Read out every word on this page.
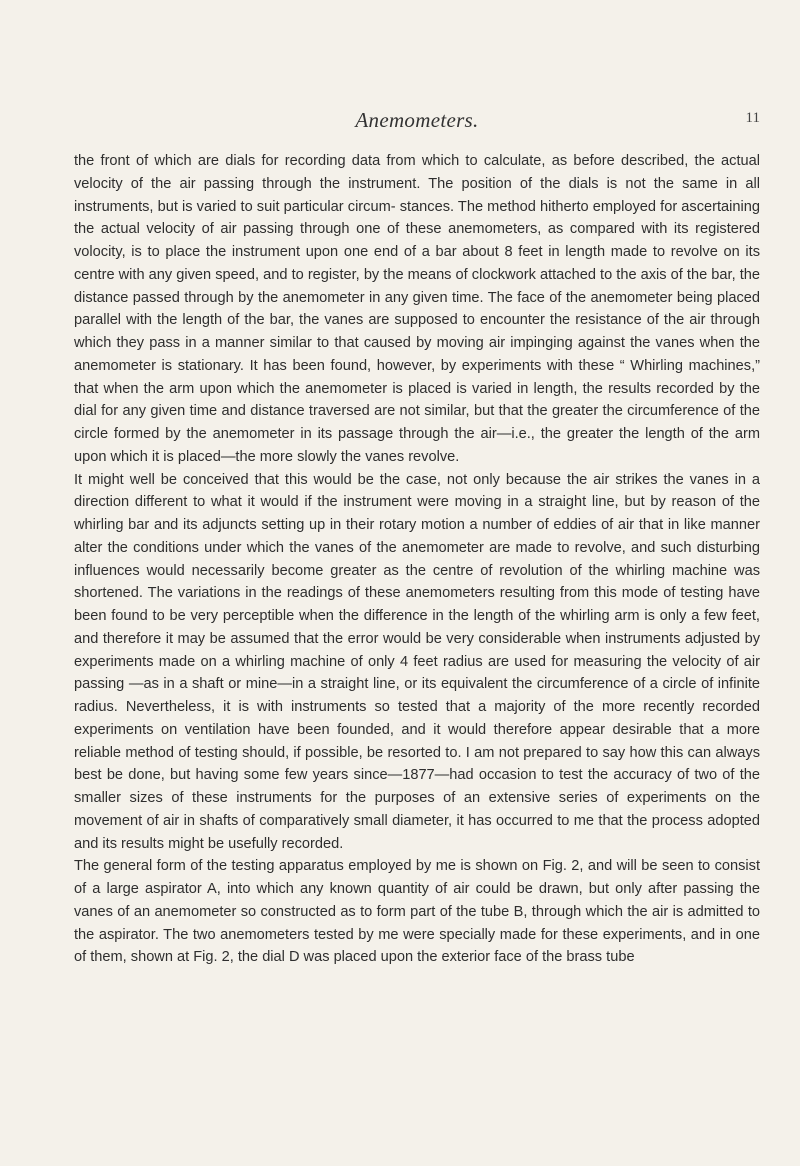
Anemometers.	11

the front of which are dials for recording data from which to calculate, as before described, the actual velocity of the air passing through the instrument. The position of the dials is not the same in all instruments, but is varied to suit particular circum- stances. The method hitherto employed for ascertaining the actual velocity of air passing through one of these anemometers, as compared with its registered volocity, is to place the instrument upon one end of a bar about 8 feet in length made to revolve on its centre with any given speed, and to register, by the means of clockwork attached to the axis of the bar, the distance passed through by the anemometer in any given time. The face of the anemometer being placed parallel with the length of the bar, the vanes are supposed to encounter the resistance of the air through which they pass in a manner similar to that caused by moving air impinging against the vanes when the anemometer is stationary. It has been found, however, by experiments with these “ Whirling machines,” that when the arm upon which the anemometer is placed is varied in length, the results recorded by the dial for any given time and distance traversed are not similar, but that the greater the circumference of the circle formed by the anemometer in its passage through the air—i.e., the greater the length of the arm upon which it is placed—the more slowly the vanes revolve.

It might well be conceived that this would be the case, not only because the air strikes the vanes in a direction different to what it would if the instrument were moving in a straight line, but by reason of the whirling bar and its adjuncts setting up in their rotary motion a number of eddies of air that in like manner alter the conditions under which the vanes of the anemometer are made to revolve, and such disturbing influences would necessarily become greater as the centre of revolution of the whirling machine was shortened. The variations in the readings of these anemometers resulting from this mode of testing have been found to be very perceptible when the difference in the length of the whirling arm is only a few feet, and therefore it may be assumed that the error would be very considerable when instruments adjusted by experiments made on a whirling machine of only 4 feet radius are used for measuring the velocity of air passing —as in a shaft or mine—in a straight line, or its equivalent the circumference of a circle of infinite radius. Nevertheless, it is with instruments so tested that a majority of the more recently recorded experiments on ventilation have been founded, and it would therefore appear desirable that a more reliable method of testing should, if possible, be resorted to. I am not prepared to say how this can always best be done, but having some few years since—1877—had occasion to test the accuracy of two of the smaller sizes of these instruments for the purposes of an extensive series of experiments on the movement of air in shafts of comparatively small diameter, it has occurred to me that the process adopted and its results might be usefully recorded.

The general form of the testing apparatus employed by me is shown on Fig. 2, and will be seen to consist of a large aspirator A, into which any known quantity of air could be drawn, but only after passing the vanes of an anemometer so constructed as to form part of the tube B, through which the air is admitted to the aspirator. The two anemometers tested by me were specially made for these experiments, and in one of them, shown at Fig. 2, the dial D was placed upon the exterior face of the brass tube
